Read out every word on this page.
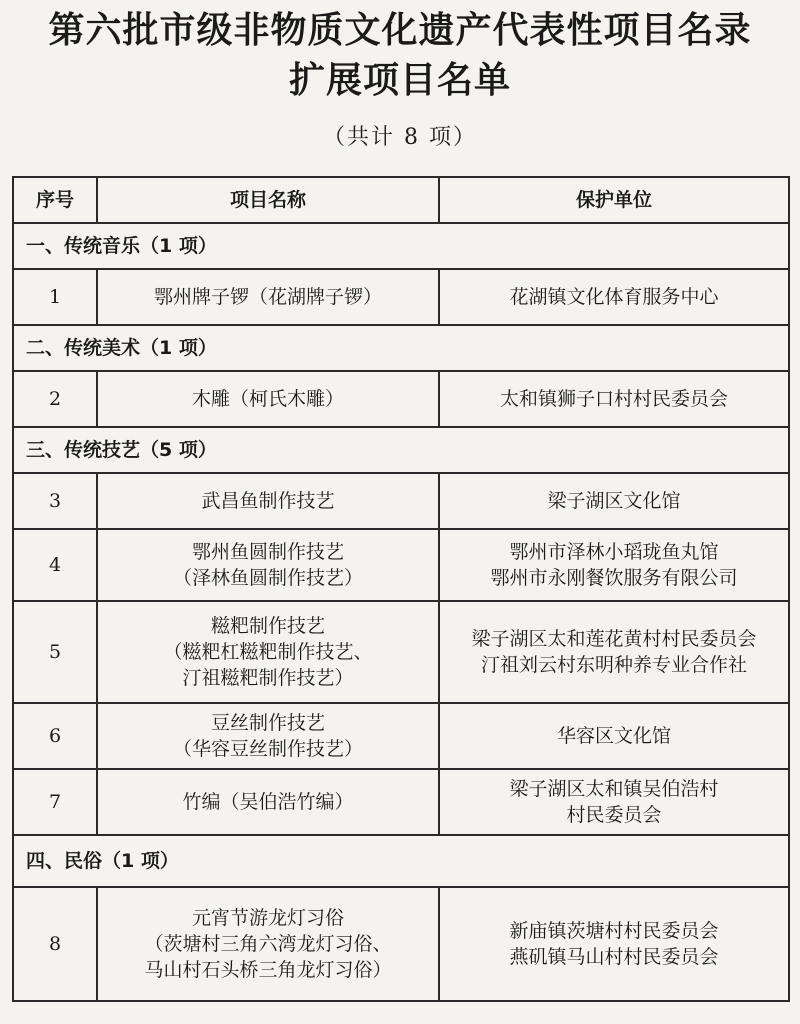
第六批市级非物质文化遗产代表性项目名录
扩展项目名单
（共计 8 项）
序号	项目名称	保护单位
一、传统音乐（1 项）		
1	鄂州牌子锣（花湖牌子锣）	花湖镇文化体育服务中心

二、传统美术（1 项）		
2	木雕（柯氏木雕）	太和镇狮子口村村民委员会

三、传统技艺（5 项）		
3	武昌鱼制作技艺	梁子湖区文化馆

4	鄂州鱼圆制作技艺
（泽林鱼圆制作技艺）	鄂州市泽林小瑫珑鱼丸馆
鄂州市永刚餐饮服务有限公司

5	糍粑制作技艺
（糍粑杠糍粑制作技艺、
汀祖糍粑制作技艺）	梁子湖区太和莲花黄村村民委员会
汀祖刘云村东明种养专业合作社

6	豆丝制作技艺
（华容豆丝制作技艺）	华容区文化馆

7	竹编（吴伯浩竹编）	梁子湖区太和镇吴伯浩村
村民委员会

四、民俗（1 项）		
8	元宵节游龙灯习俗
（茨塘村三角六湾龙灯习俗、
马山村石头桥三角龙灯习俗）	新庙镇茨塘村村民委员会
燕矶镇马山村村民委员会
